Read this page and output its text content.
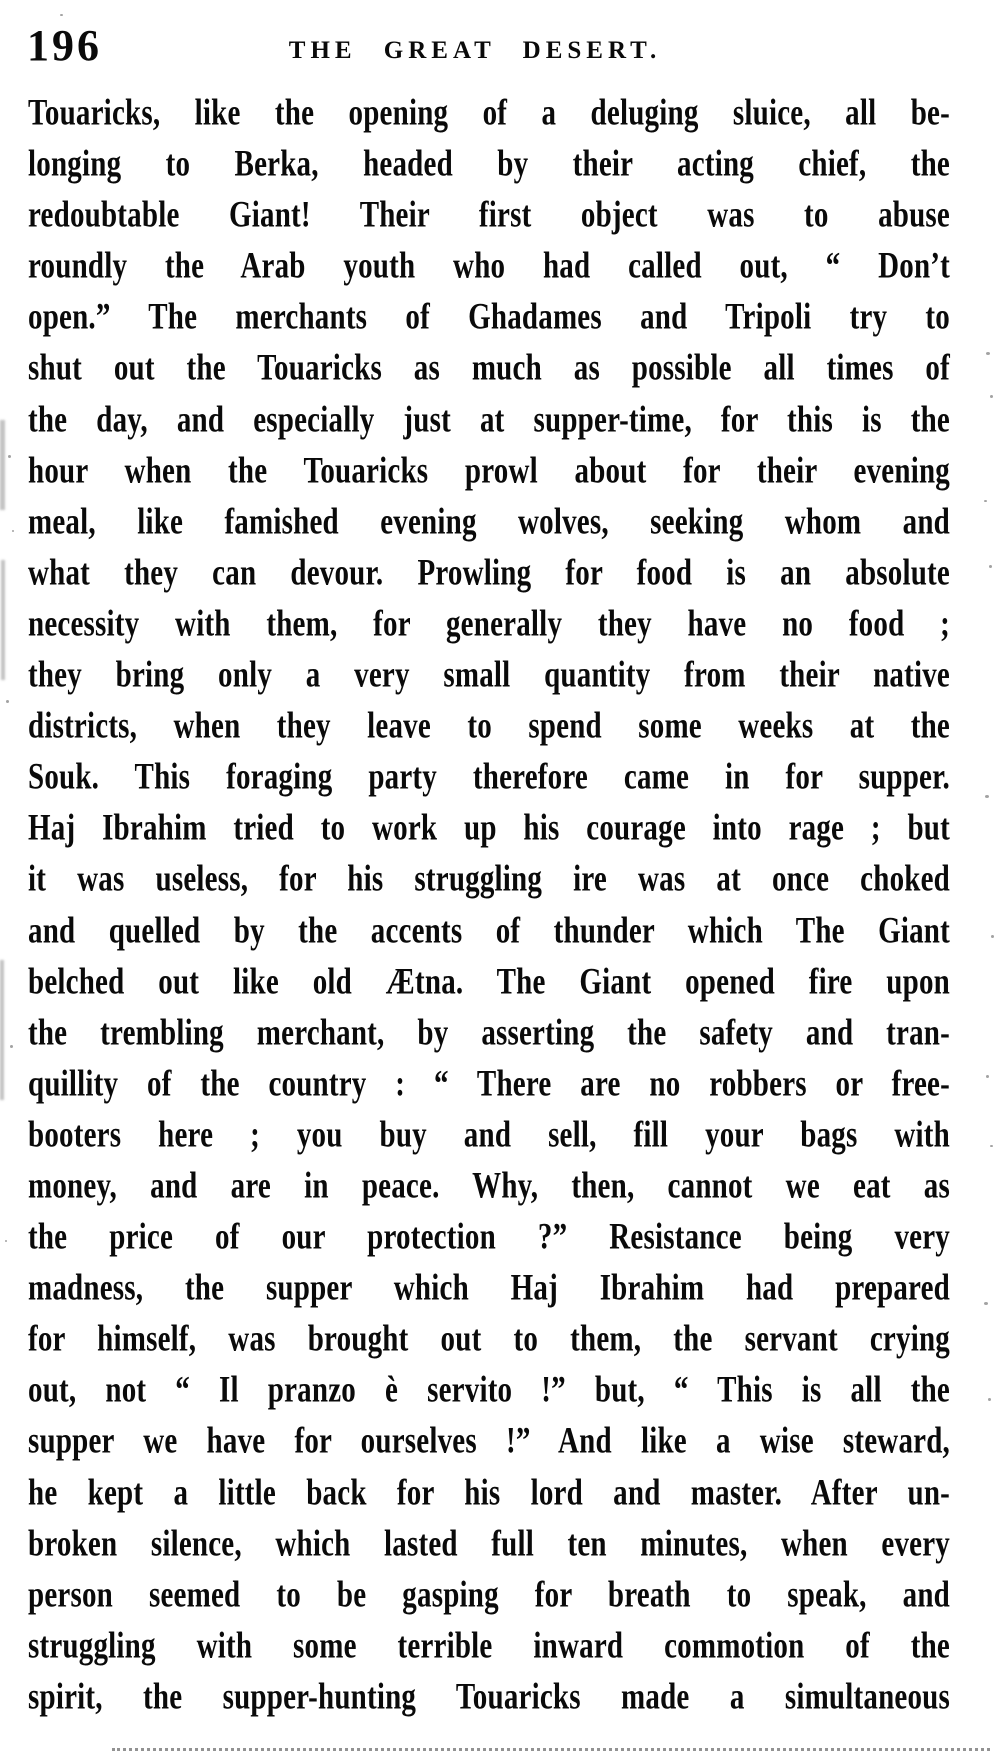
196	THE GREAT DESERT.
Touaricks, like the opening of a deluging sluice, all be-
longing to Berka, headed by their acting chief, the
redoubtable Giant! Their first object was to abuse
roundly the Arab youth who had called out, “ Don’t
open.” The merchants of Ghadames and Tripoli try to
shut out the Touaricks as much as possible all times of
the day, and especially just at supper-time, for this is the
hour when the Touaricks prowl about for their evening
meal, like famished evening wolves, seeking whom and
what they can devour. Prowling for food is an absolute
necessity with them, for generally they have no food ;
they bring only a very small quantity from their native
districts, when they leave to spend some weeks at the
Souk. This foraging party therefore came in for supper.
Haj Ibrahim tried to work up his courage into rage ; but
it was useless, for his struggling ire was at once choked
and quelled by the accents of thunder which The Giant
belched out like old Ætna. The Giant opened fire upon
the trembling merchant, by asserting the safety and tran-
quillity of the country : “ There are no robbers or free-
booters here ; you buy and sell, fill your bags with
money, and are in peace. Why, then, cannot we eat as
the price of our protection ?” Resistance being very
madness, the supper which Haj Ibrahim had prepared
for himself, was brought out to them, the servant crying
out, not “ Il pranzo è servito !” but, “ This is all the
supper we have for ourselves !” And like a wise steward,
he kept a little back for his lord and master. After un-
broken silence, which lasted full ten minutes, when every
person seemed to be gasping for breath to speak, and
struggling with some terrible inward commotion of the
spirit, the supper-hunting Touaricks made a simultaneous
